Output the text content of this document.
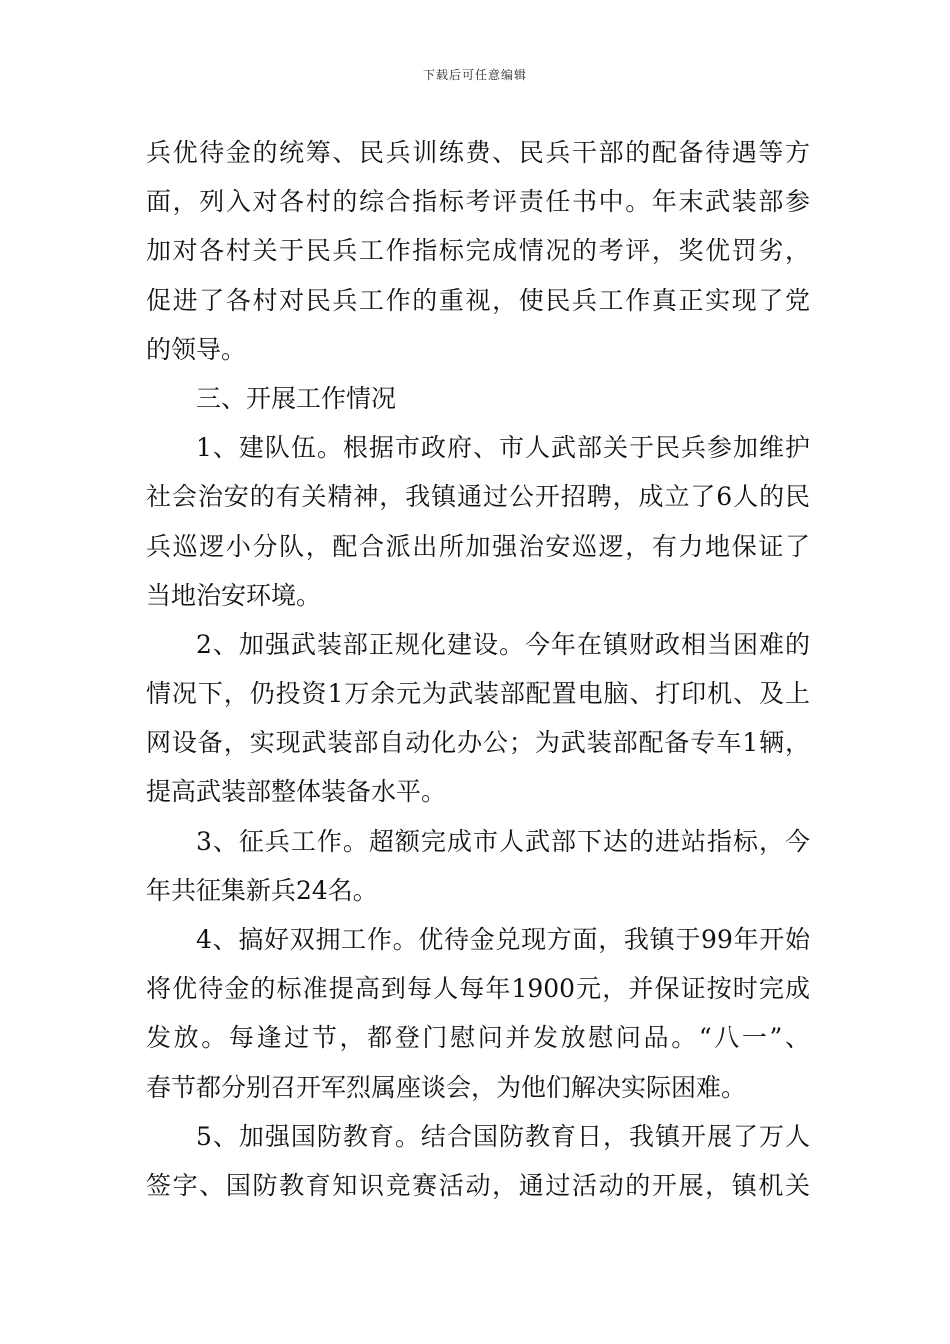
下载后可任意编辑
兵优待金的统筹、民兵训练费、民兵干部的配备待遇等方
面，列入对各村的综合指标考评责任书中。年末武装部参
加对各村关于民兵工作指标完成情况的考评，奖优罚劣，
促进了各村对民兵工作的重视，使民兵工作真正实现了党
的领导。
三、开展工作情况
1、建队伍。根据市政府、市人武部关于民兵参加维护
社会治安的有关精神，我镇通过公开招聘，成立了6人的民
兵巡逻小分队，配合派出所加强治安巡逻，有力地保证了
当地治安环境。
2、加强武装部正规化建设。今年在镇财政相当困难的
情况下，仍投资1万余元为武装部配置电脑、打印机、及上
网设备，实现武装部自动化办公；为武装部配备专车1辆，
提高武装部整体装备水平。
3、征兵工作。超额完成市人武部下达的进站指标，今
年共征集新兵24名。
4、搞好双拥工作。优待金兑现方面，我镇于99年开始
将优待金的标准提高到每人每年1900元，并保证按时完成
发放。每逢过节，都登门慰问并发放慰问品。“八一”、
春节都分别召开军烈属座谈会，为他们解决实际困难。
5、加强国防教育。结合国防教育日，我镇开展了万人
签字、国防教育知识竞赛活动，通过活动的开展，镇机关
